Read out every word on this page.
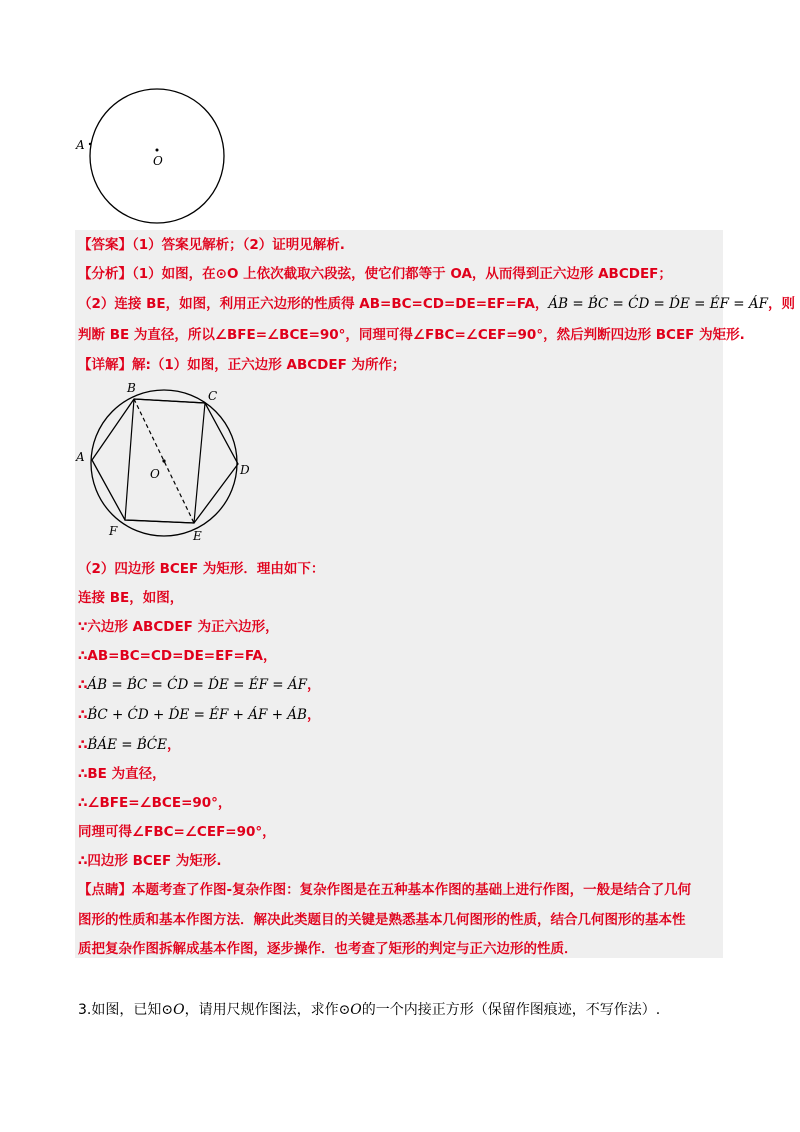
A
O
【答案】（1）答案见解析；（2）证明见解析.
【分析】（1）如图，在⊙O 上依次截取六段弦，使它们都等于 OA，从而得到正六边形 ABCDEF；
（2）连接 BE，如图，利用正六边形的性质得 AB=BC=CD=DE=EF=FA，ÁB = B́C = ĆD = D́E = ÉF = ÁF，则
判断 BE 为直径，所以∠BFE=∠BCE=90°，同理可得∠FBC=∠CEF=90°，然后判断四边形 BCEF 为矩形.
【详解】解:（1）如图，正六边形 ABCDEF 为所作；
A
B
C
D
E
F
O
（2）四边形 BCEF 为矩形．理由如下：
连接 BE，如图，
∵六边形 ABCDEF 为正六边形，
∴AB=BC=CD=DE=EF=FA，
∴ÁB = B́C = ĆD = D́E = ÉF = ÁF，
∴B́C + ĆD + D́E = ÉF + ÁF + ÁB，
∴B́ÁE = B́ĆE，
∴BE 为直径，
∴∠BFE=∠BCE=90°，
同理可得∠FBC=∠CEF=90°，
∴四边形 BCEF 为矩形.
【点睛】本题考查了作图-复杂作图：复杂作图是在五种基本作图的基础上进行作图，一般是结合了几何
图形的性质和基本作图方法．解决此类题目的关键是熟悉基本几何图形的性质，结合几何图形的基本性
质把复杂作图拆解成基本作图，逐步操作．也考查了矩形的判定与正六边形的性质．
3.如图，已知⊙O，请用尺规作图法，求作⊙O的一个内接正方形（保留作图痕迹，不写作法）.
